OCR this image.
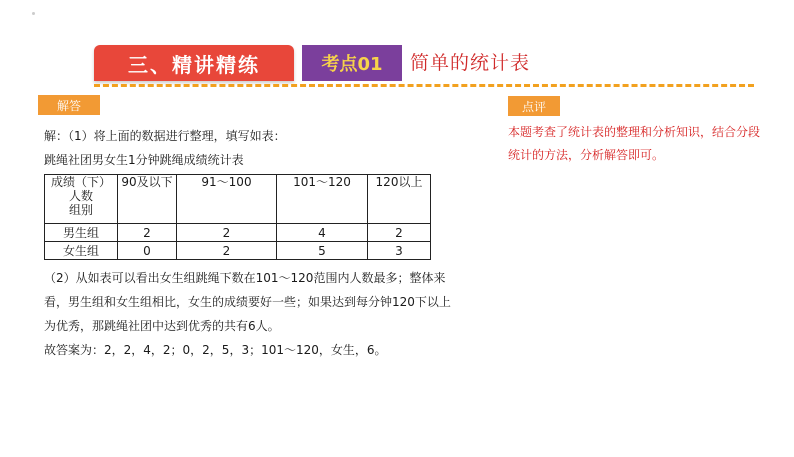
三、精讲精练	考点01	简单的统计表
解答	点评
本题考查了统计表的整理和分析知识，结合分段统计的方法，分析解答即可。
解：（1）将上面的数据进行整理，填写如表：
跳绳社团男女生1分钟跳绳成绩统计表
成绩（下）
人数
组别	90及以下	91～100	101～120	120以上
男生组	2	2	4	2
女生组	0	2	5	3
（2）从如表可以看出女生组跳绳下数在101～120范围内人数最多；整体来看，男生组和女生组相比，女生的成绩要好一些；如果达到每分钟120下以上为优秀，那跳绳社团中达到优秀的共有6人。
故答案为：2，2，4，2；0，2，5，3；101～120，女生，6。
